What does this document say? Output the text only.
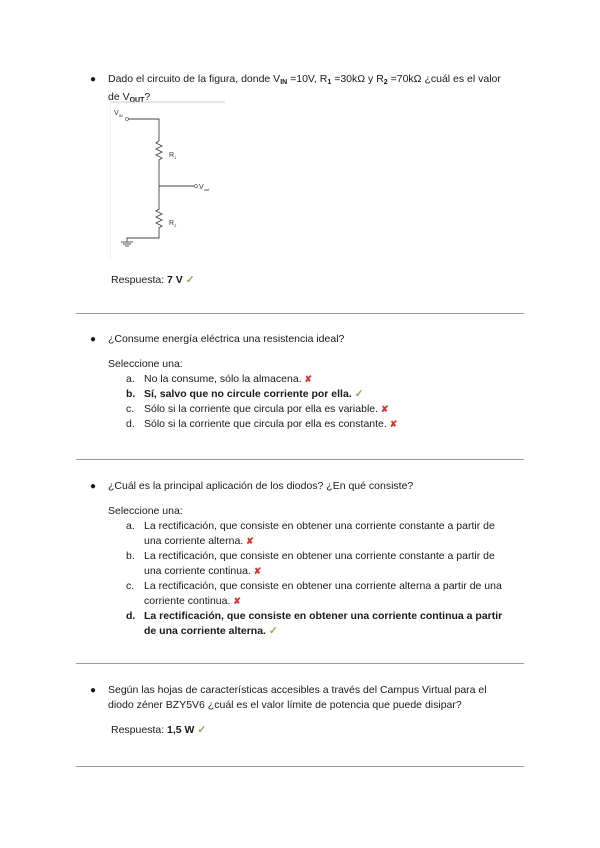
● Dado el circuito de la figura, donde $V_{IN} =10V$, $R_1 =30k\Omega$ y $R_2 =70k\Omega$ ¿cuál es el valor
de $V_{OUT}$?
$V_{IN}$
$R_1$
$V_{out}$
$R_2$
Respuesta: 7 V ✓
● ¿Consume energía eléctrica una resistencia ideal?
Seleccione una:
a. No la consume, sólo la almacena. ✘
b. Sí, salvo que no circule corriente por ella. ✓
c. Sólo si la corriente que circula por ella es variable. ✘
d. Sólo si la corriente que circula por ella es constante. ✘
● ¿Cuál es la principal aplicación de los diodos? ¿En qué consiste?
Seleccione una:
a. La rectificación, que consiste en obtener una corriente constante a partir de
una corriente alterna. ✘
b. La rectificación, que consiste en obtener una corriente constante a partir de
una corriente continua. ✘
c. La rectificación, que consiste en obtener una corriente alterna a partir de una
corriente continua. ✘
d. La rectificación, que consiste en obtener una corriente continua a partir
de una corriente alterna. ✓
● Según las hojas de características accesibles a través del Campus Virtual para el
diodo zéner BZY5V6 ¿cuál es el valor límite de potencia que puede disipar?
Respuesta: 1,5 W ✓
